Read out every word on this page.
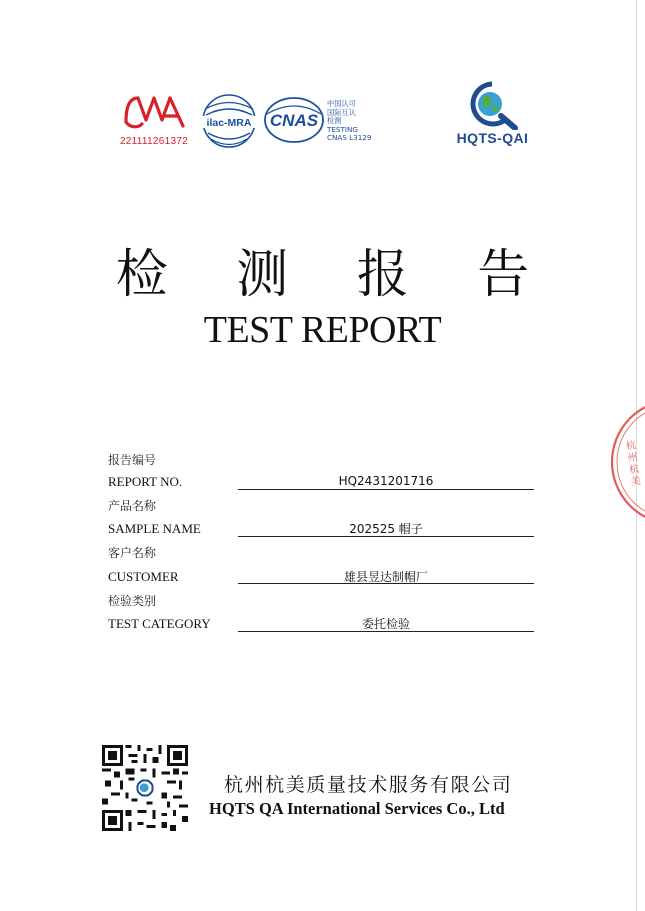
221111261372
ilac-MRA CNAS
中国认可
国际互认
检测
TESTING
CNAS L3129	HQTS-QAI
检 测 报 告
TEST REPORT
报告编号
REPORT NO.	HQ2431201716
产品名称
SAMPLE NAME	202525 帽子
客户名称
CUSTOMER	雄县昱达制帽厂
检验类别
TEST CATEGORY	委托检验
杭州杭美
杭州杭美质量技术服务有限公司
HQTS QA International Services Co., Ltd
